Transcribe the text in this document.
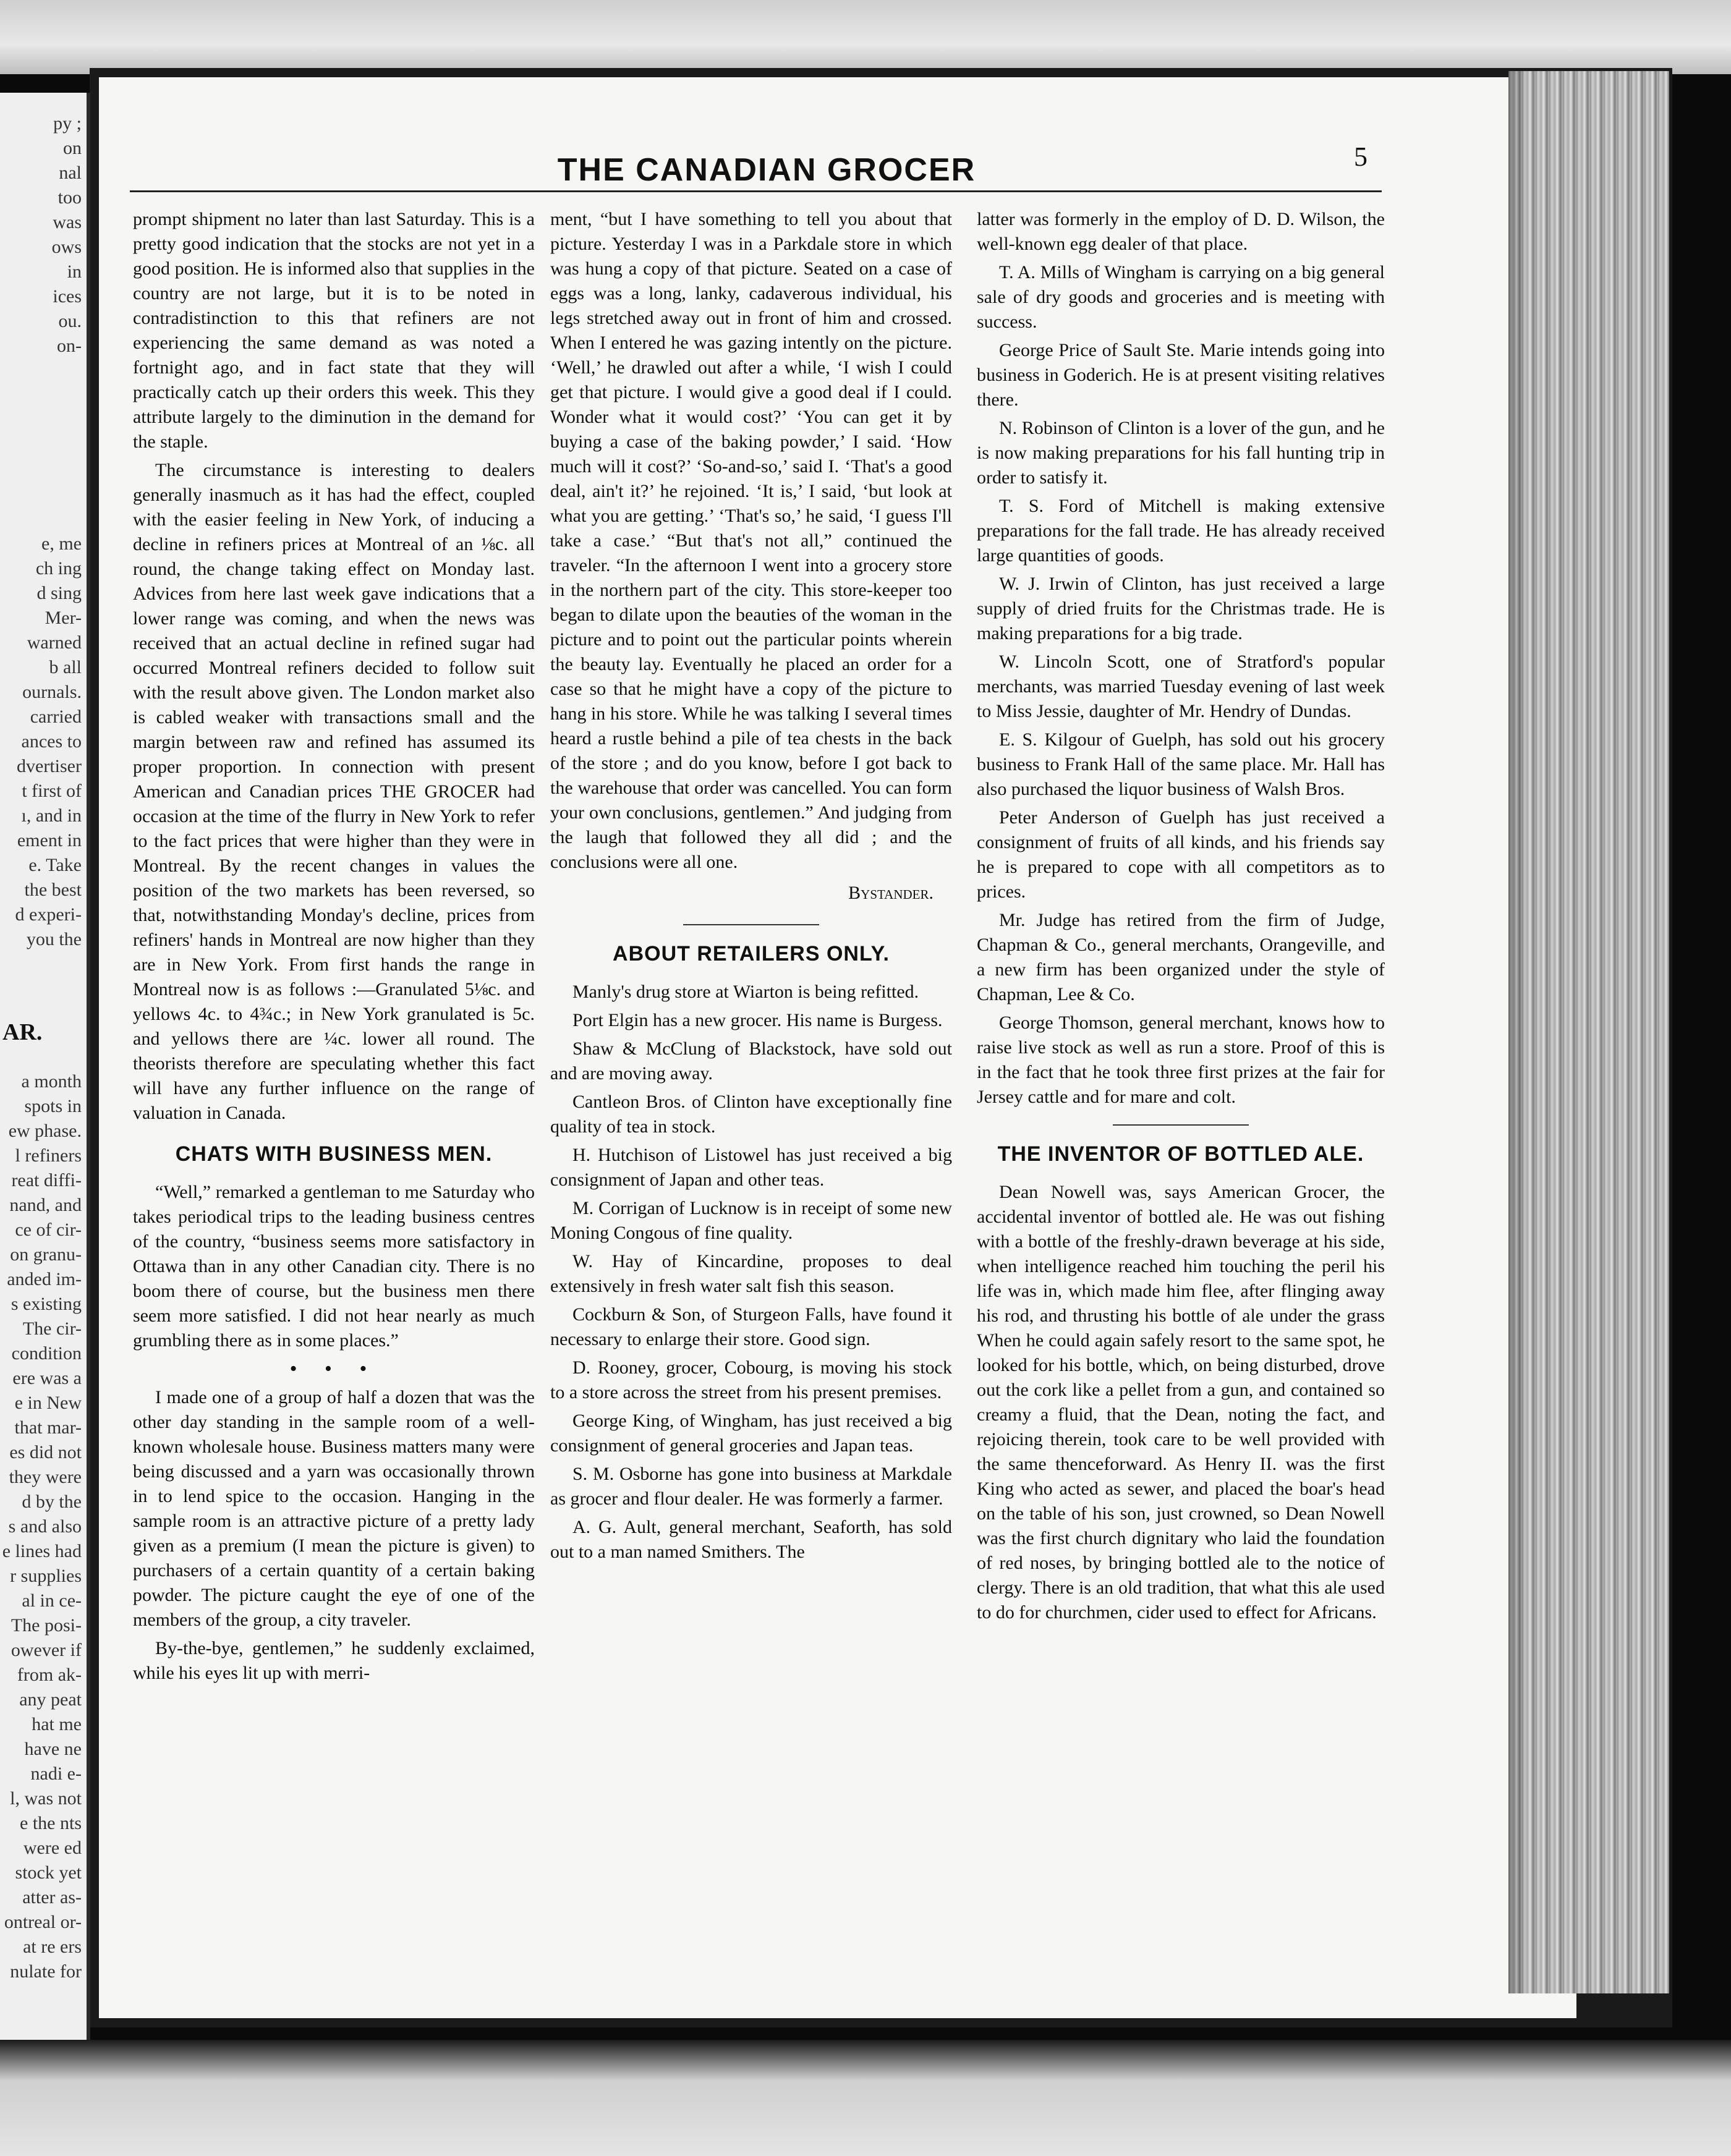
py ;
on
nal
too
was
ows
in
ices
ou.
on-
e, me
ch ing
d sing
Mer-
warned
b all
ournals.
carried
ances to
dvertiser
t first of
ı, and in
ement in
e. Take
the best
d experi-
you the
a month
spots in
ew phase.
l refiners
reat diffi-
nand, and
ce of cir-
on granu-
anded im-
s existing
The cir-
condition
ere was a
e in New
that mar-
es did not
they were
d by the
s and also
e lines had
r supplies
al in ce-
The posi-
owever if
from ak-
any peat
hat me
have ne
nadi e-
l, was not
e the nts
were ed
stock yet
atter as-
ontreal or-
at re ers
nulate for
AR.
THE CANADIAN GROCER	5

prompt shipment no later than last Saturday. This is a pretty good indication that the stocks are not yet in a good position. He is informed also that supplies in the country are not large, but it is to be noted in contradistinction to this that refiners are not experiencing the same demand as was noted a fortnight ago, and in fact state that they will practically catch up their orders this week. This they attribute largely to the diminution in the demand for the staple.

The circumstance is interesting to dealers generally inasmuch as it has had the effect, coupled with the easier feeling in New York, of inducing a decline in refiners prices at Montreal of an ⅛c. all round, the change taking effect on Monday last. Advices from here last week gave indications that a lower range was coming, and when the news was received that an actual decline in refined sugar had occurred Montreal refiners decided to follow suit with the result above given. The London market also is cabled weaker with transactions small and the margin between raw and refined has assumed its proper proportion. In connection with present American and Canadian prices THE GROCER had occasion at the time of the flurry in New York to refer to the fact prices that were higher than they were in Montreal. By the recent changes in values the position of the two markets has been reversed, so that, notwithstanding Monday's decline, prices from refiners' hands in Montreal are now higher than they are in New York. From first hands the range in Montreal now is as follows :—Granulated 5⅛c. and yellows 4c. to 4¾c.; in New York granulated is 5c. and yellows there are ¼c. lower all round. The theorists therefore are speculating whether this fact will have any further influence on the range of valuation in Canada.

CHATS WITH BUSINESS MEN.

“Well,” remarked a gentleman to me Saturday who takes periodical trips to the leading business centres of the country, “business seems more satisfactory in Ottawa than in any other Canadian city. There is no boom there of course, but the business men there seem more satisfied. I did not hear nearly as much grumbling there as in some places.”

• • •

I made one of a group of half a dozen that was the other day standing in the sample room of a well-known wholesale house. Business matters many were being discussed and a yarn was occasionally thrown in to lend spice to the occasion. Hanging in the sample room is an attractive picture of a pretty lady given as a premium (I mean the picture is given) to purchasers of a certain quantity of a certain baking powder. The picture caught the eye of one of the members of the group, a city traveler.

By-the-bye, gentlemen,” he suddenly exclaimed, while his eyes lit up with merri-

ment, “but I have something to tell you about that picture. Yesterday I was in a Parkdale store in which was hung a copy of that picture. Seated on a case of eggs was a long, lanky, cadaverous individual, his legs stretched away out in front of him and crossed. When I entered he was gazing intently on the picture. ‘Well,’ he drawled out after a while, ‘I wish I could get that picture. I would give a good deal if I could. Wonder what it would cost?’ ‘You can get it by buying a case of the baking powder,’ I said. ‘How much will it cost?’ ‘So-and-so,’ said I. ‘That's a good deal, ain't it?’ he rejoined. ‘It is,’ I said, ‘but look at what you are getting.’ ‘That's so,’ he said, ‘I guess I'll take a case.’ “But that's not all,” continued the traveler. “In the afternoon I went into a grocery store in the northern part of the city. This store-keeper too began to dilate upon the beauties of the woman in the picture and to point out the particular points wherein the beauty lay. Eventually he placed an order for a case so that he might have a copy of the picture to hang in his store. While he was talking I several times heard a rustle behind a pile of tea chests in the back of the store ; and do you know, before I got back to the warehouse that order was cancelled. You can form your own conclusions, gentlemen.” And judging from the laugh that followed they all did ; and the conclusions were all one.

Bystander.
ABOUT RETAILERS ONLY.

Manly's drug store at Wiarton is being refitted.

Port Elgin has a new grocer. His name is Burgess.

Shaw & McClung of Blackstock, have sold out and are moving away.

Cantleon Bros. of Clinton have exceptionally fine quality of tea in stock.

H. Hutchison of Listowel has just received a big consignment of Japan and other teas.

M. Corrigan of Lucknow is in receipt of some new Moning Congous of fine quality.

W. Hay of Kincardine, proposes to deal extensively in fresh water salt fish this season.

Cockburn & Son, of Sturgeon Falls, have found it necessary to enlarge their store. Good sign.

D. Rooney, grocer, Cobourg, is moving his stock to a store across the street from his present premises.

George King, of Wingham, has just received a big consignment of general groceries and Japan teas.

S. M. Osborne has gone into business at Markdale as grocer and flour dealer. He was formerly a farmer.

A. G. Ault, general merchant, Seaforth, has sold out to a man named Smithers. The

latter was formerly in the employ of D. D. Wilson, the well-known egg dealer of that place.

T. A. Mills of Wingham is carrying on a big general sale of dry goods and groceries and is meeting with success.

George Price of Sault Ste. Marie intends going into business in Goderich. He is at present visiting relatives there.

N. Robinson of Clinton is a lover of the gun, and he is now making preparations for his fall hunting trip in order to satisfy it.

T. S. Ford of Mitchell is making extensive preparations for the fall trade. He has already received large quantities of goods.

W. J. Irwin of Clinton, has just received a large supply of dried fruits for the Christmas trade. He is making preparations for a big trade.

W. Lincoln Scott, one of Stratford's popular merchants, was married Tuesday evening of last week to Miss Jessie, daughter of Mr. Hendry of Dundas.

E. S. Kilgour of Guelph, has sold out his grocery business to Frank Hall of the same place. Mr. Hall has also purchased the liquor business of Walsh Bros.

Peter Anderson of Guelph has just received a consignment of fruits of all kinds, and his friends say he is prepared to cope with all competitors as to prices.

Mr. Judge has retired from the firm of Judge, Chapman & Co., general merchants, Orangeville, and a new firm has been organized under the style of Chapman, Lee & Co.

George Thomson, general merchant, knows how to raise live stock as well as run a store. Proof of this is in the fact that he took three first prizes at the fair for Jersey cattle and for mare and colt.

THE INVENTOR OF BOTTLED ALE.

Dean Nowell was, says American Grocer, the accidental inventor of bottled ale. He was out fishing with a bottle of the freshly-drawn beverage at his side, when intelligence reached him touching the peril his life was in, which made him flee, after flinging away his rod, and thrusting his bottle of ale under the grass When he could again safely resort to the same spot, he looked for his bottle, which, on being disturbed, drove out the cork like a pellet from a gun, and contained so creamy a fluid, that the Dean, noting the fact, and rejoicing therein, took care to be well provided with the same thenceforward. As Henry II. was the first King who acted as sewer, and placed the boar's head on the table of his son, just crowned, so Dean Nowell was the first church dignitary who laid the foundation of red noses, by bringing bottled ale to the notice of clergy. There is an old tradition, that what this ale used to do for churchmen, cider used to effect for Africans.
